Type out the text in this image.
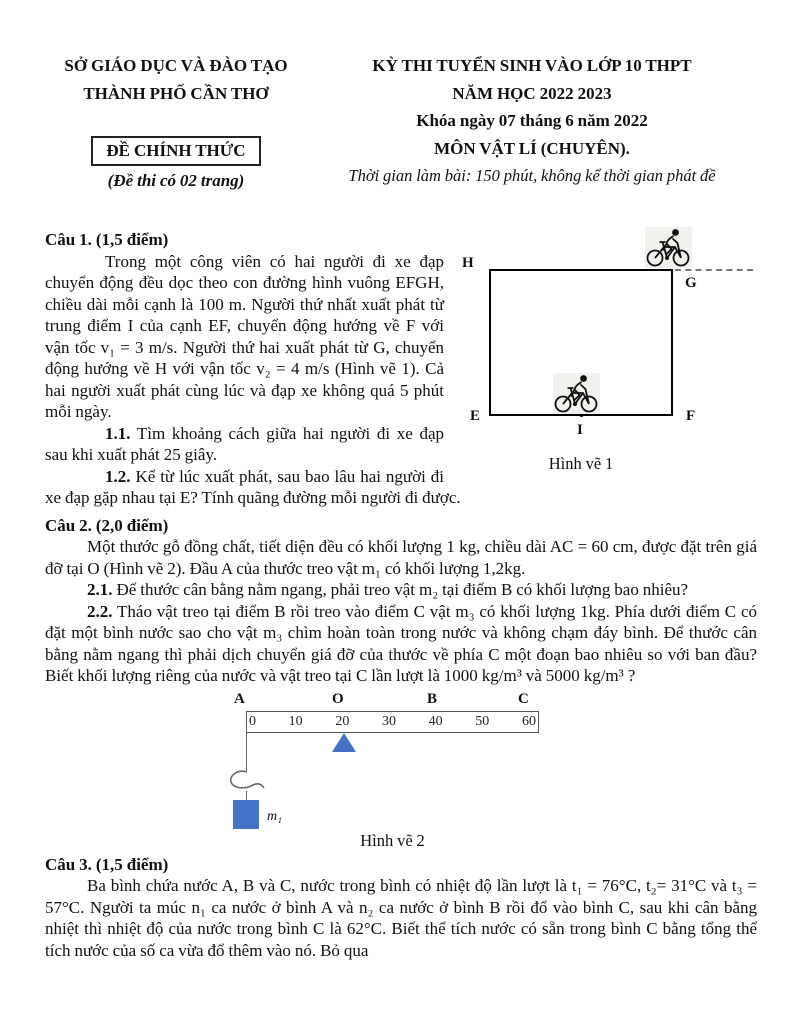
SỞ GIÁO DỤC VÀ ĐÀO TẠO
THÀNH PHỐ CẦN THƠ
ĐỀ CHÍNH THỨC
(Đề thi có 02 trang)
KỲ THI TUYỂN SINH VÀO LỚP 10 THPT
NĂM HỌC 2022 2023
Khóa ngày 07 tháng 6 năm 2022
MÔN VẬT LÍ (CHUYÊN).
Thời gian làm bài: 150 phút, không kể thời gian phát đề
H
G
E	F
I
Hình vẽ 1

Câu 1. (1,5 điểm)

Trong một công viên có hai người đi xe đạp chuyển động đều dọc theo con đường hình vuông EFGH, chiều dài mỗi cạnh là 100 m. Người thứ nhất xuất phát từ trung điểm I của cạnh EF, chuyển động hướng về F với vận tốc v₁ = 3 m/s. Người thứ hai xuất phát từ G, chuyển động hướng về H với vận tốc v₂ = 4 m/s (Hình vẽ 1). Cả hai người xuất phát cùng lúc và đạp xe không quá 5 phút mỗi ngày.

1.1. Tìm khoảng cách giữa hai người đi xe đạp sau khi xuất phát 25 giây.

1.2. Kể từ lúc xuất phát, sau bao lâu hai người đi xe đạp gặp nhau tại E? Tính quãng đường mỗi người đi được.

Câu 2. (2,0 điểm)

Một thước gỗ đồng chất, tiết diện đều có khối lượng 1 kg, chiều dài AC = 60 cm, được đặt trên giá đỡ tại O (Hình vẽ 2). Đầu A của thước treo vật m₁ có khối lượng 1,2kg.

2.1. Để thước cân bằng nằm ngang, phải treo vật m₂ tại điểm B có khối lượng bao nhiêu?

2.2. Tháo vật treo tại điểm B rồi treo vào điểm C vật m₃ có khối lượng 1kg. Phía dưới điểm C có đặt một bình nước sao cho vật m₃ chìm hoàn toàn trong nước và không chạm đáy bình. Để thước cân bằng nằm ngang thì phải dịch chuyển giá đỡ của thước về phía C một đoạn bao nhiêu so với ban đầu? Biết khối lượng riêng của nước và vật treo tại C lần lượt là 1000 kg/m³ và 5000 kg/m³ ?

A	O	B	C
0 10 20 30 40 50 60
m₁
Hình vẽ 2

Câu 3. (1,5 điểm)

Ba bình chứa nước A, B và C, nước trong bình có nhiệt độ lần lượt là t₁ = 76°C, t₂= 31°C và t₃ = 57°C. Người ta múc n₁ ca nước ở bình A và n₂ ca nước ở bình B rồi đổ vào bình C, sau khi cân bằng nhiệt thì nhiệt độ của nước trong bình C là 62°C. Biết thể tích nước có sẵn trong bình C bằng tổng thể tích nước của số ca vừa đổ thêm vào nó. Bỏ qua
